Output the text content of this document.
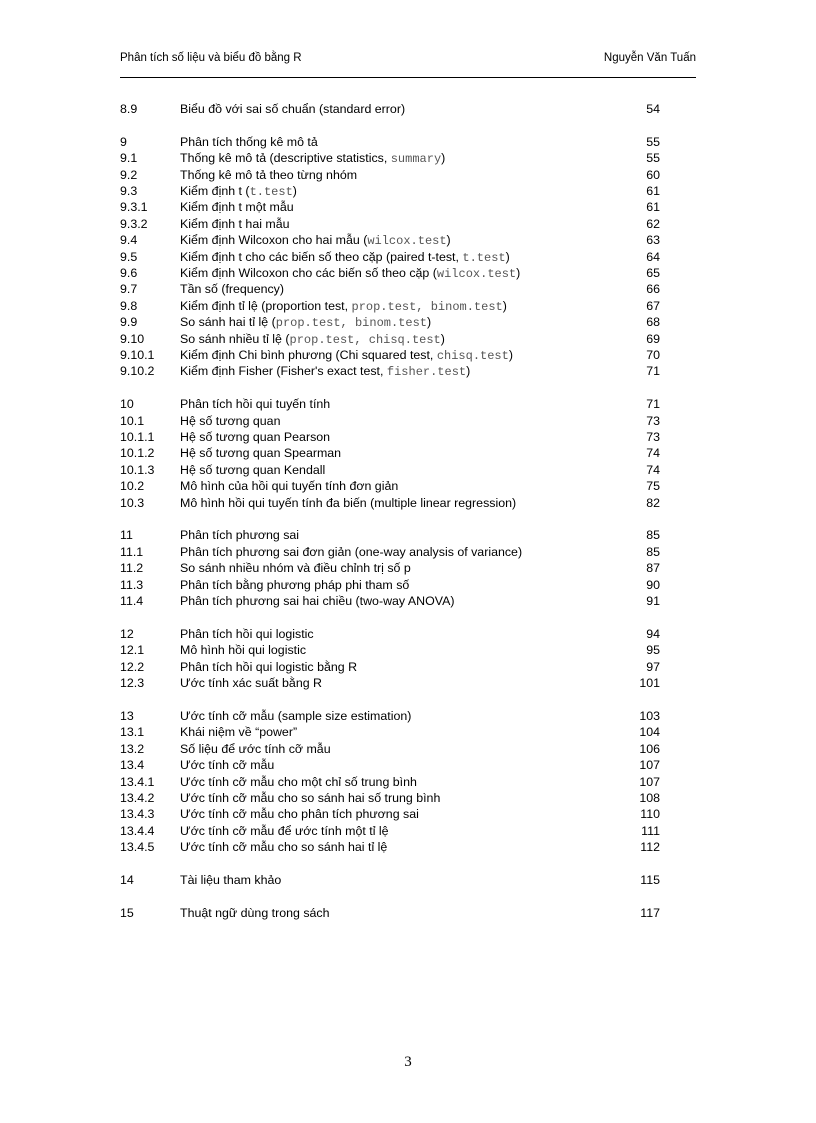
Phân tích số liệu và biểu đồ bằng R	Nguyễn Văn Tuấn
8.9	Biểu đồ với sai số chuẩn (standard error)	54
9	Phân tích thống kê mô tả	55
9.1	Thống kê mô tả (descriptive statistics, summary)	55
9.2	Thống kê mô tả theo từng nhóm	60
9.3	Kiểm định t (t.test)	61
9.3.1	Kiểm định t một mẫu	61
9.3.2	Kiểm định t hai mẫu	62
9.4	Kiểm định Wilcoxon cho hai mẫu (wilcox.test)	63
9.5	Kiểm định t cho các biến số theo cặp (paired t-test, t.test)	64
9.6	Kiểm định Wilcoxon cho các biến số theo cặp (wilcox.test)	65
9.7	Tần số (frequency)	66
9.8	Kiểm định tỉ lệ (proportion test, prop.test, binom.test)	67
9.9	So sánh hai tỉ lệ (prop.test, binom.test)	68
9.10	So sánh nhiều tỉ lệ (prop.test, chisq.test)	69
9.10.1 Kiểm định Chi bình phương (Chi squared test, chisq.test)	70
9.10.2 Kiểm định Fisher (Fisher's exact test, fisher.test)	71
10	Phân tích hồi qui tuyến tính	71
10.1	Hệ số tương quan	73
10.1.1 Hệ số tương quan Pearson	73
10.1.2 Hệ số tương quan Spearman	74
10.1.3 Hệ số tương quan Kendall	74
10.2	Mô hình của hồi qui tuyến tính đơn giản	75
10.3	Mô hình hồi qui tuyến tính đa biến (multiple linear regression)	82
11	Phân tích phương sai	85
11.1	Phân tích phương sai đơn giản (one-way analysis of variance)	85
11.2	So sánh nhiều nhóm và điều chỉnh trị số p	87
11.3	Phân tích bằng phương pháp phi tham số	90
11.4	Phân tích phương sai hai chiều (two-way ANOVA)	91
12	Phân tích hồi qui logistic	94
12.1	Mô hình hồi qui logistic	95
12.2	Phân tích hồi qui logistic bằng R	97
12.3	Ước tính xác suất bằng R	101
13	Ước tính cỡ mẫu (sample size estimation)	103
13.1	Khái niệm về “power”	104
13.2	Số liệu để ước tính cỡ mẫu	106
13.4	Ước tính cỡ mẫu	107
13.4.1 Ước tính cỡ mẫu cho một chỉ số trung bình	107
13.4.2 Ước tính cỡ mẫu cho so sánh hai số trung bình	108
13.4.3 Ước tính cỡ mẫu cho phân tích phương sai	110
13.4.4 Ước tính cỡ mẫu để ước tính một tỉ lệ	111
13.4.5 Ước tính cỡ mẫu cho so sánh hai tỉ lệ	112
14	Tài liệu tham khảo	115
15	Thuật ngữ dùng trong sách	117
3
